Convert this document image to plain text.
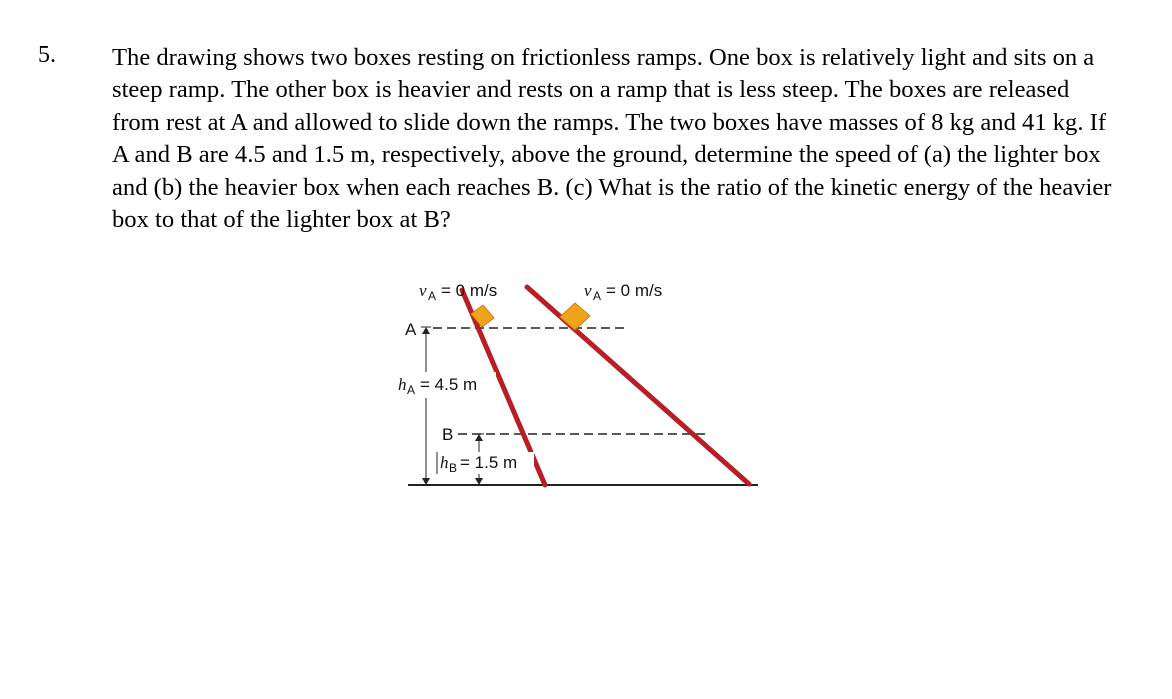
5. The drawing shows two boxes resting on frictionless ramps. One box is relatively light and sits on a steep ramp. The other box is heavier and rests on a ramp that is less steep. The boxes are released from rest at A and allowed to slide down the ramps. The two boxes have masses of 8 kg and 41 kg. If A and B are 4.5 and 1.5 m, respectively, above the ground, determine the speed of (a) the lighter box and (b) the heavier box when each reaches B. (c) What is the ratio of the kinetic energy of the heavier box to that of the lighter box at B?

v A = 0 m/s	v A = 0 m/s
A
h A = 4.5 m
B
h B = 1.5 m
